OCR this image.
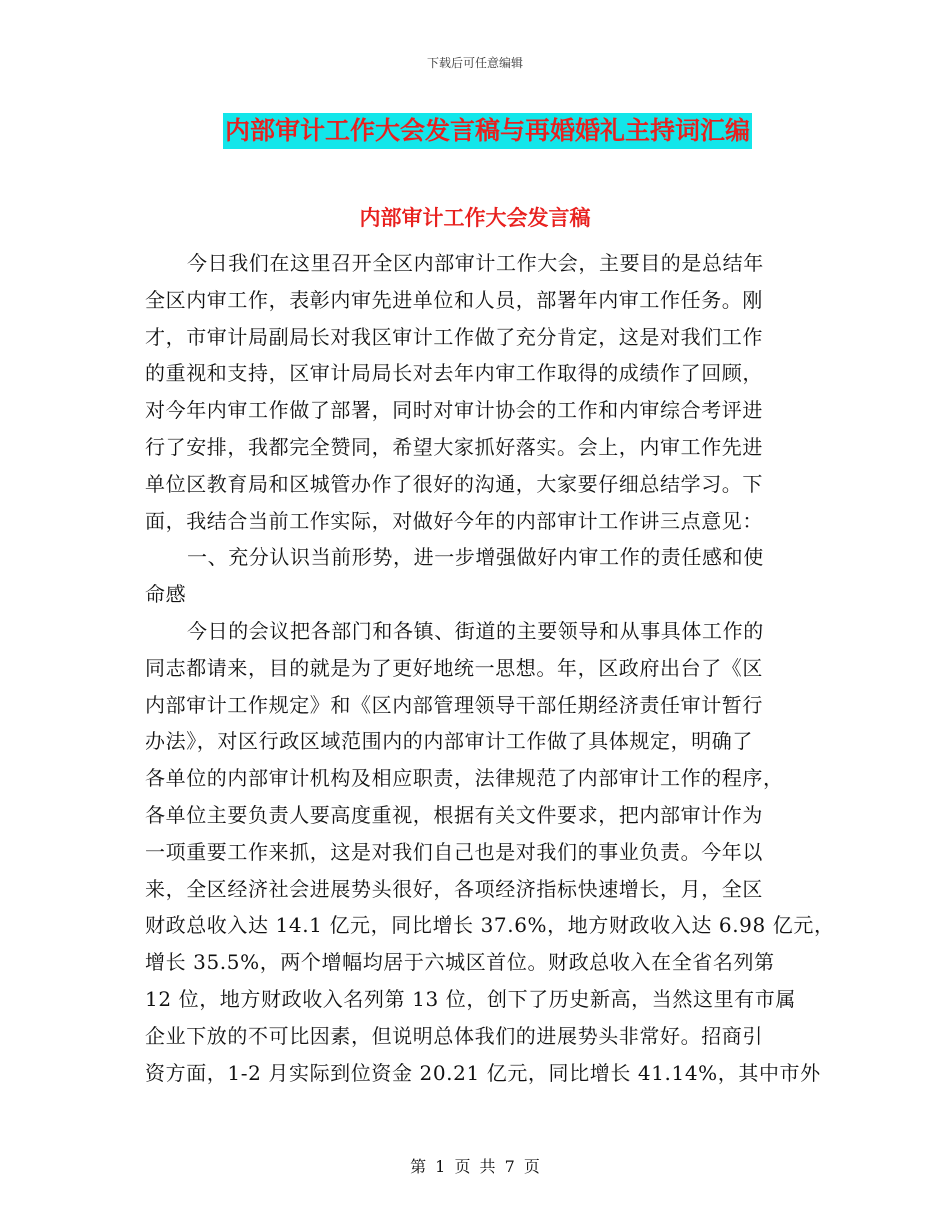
下载后可任意编辑
内部审计工作大会发言稿与再婚婚礼主持词汇编
内部审计工作大会发言稿
今日我们在这里召开全区内部审计工作大会，主要目的是总结年
全区内审工作，表彰内审先进单位和人员，部署年内审工作任务。刚
才，市审计局副局长对我区审计工作做了充分肯定，这是对我们工作
的重视和支持，区审计局局长对去年内审工作取得的成绩作了回顾，
对今年内审工作做了部署，同时对审计协会的工作和内审综合考评进
行了安排，我都完全赞同，希望大家抓好落实。会上，内审工作先进
单位区教育局和区城管办作了很好的沟通，大家要仔细总结学习。下
面，我结合当前工作实际，对做好今年的内部审计工作讲三点意见：
一、充分认识当前形势，进一步增强做好内审工作的责任感和使
命感
今日的会议把各部门和各镇、街道的主要领导和从事具体工作的
同志都请来，目的就是为了更好地统一思想。年，区政府出台了《区
内部审计工作规定》和《区内部管理领导干部任期经济责任审计暂行
办法》，对区行政区域范围内的内部审计工作做了具体规定，明确了
各单位的内部审计机构及相应职责，法律规范了内部审计工作的程序，
各单位主要负责人要高度重视，根据有关文件要求，把内部审计作为
一项重要工作来抓，这是对我们自己也是对我们的事业负责。今年以
来，全区经济社会进展势头很好，各项经济指标快速增长，月，全区
财政总收入达 14.1 亿元，同比增长 37.6%，地方财政收入达 6.98 亿元，
增长 35.5%，两个增幅均居于六城区首位。财政总收入在全省名列第
12 位，地方财政收入名列第 13 位，创下了历史新高，当然这里有市属
企业下放的不可比因素，但说明总体我们的进展势头非常好。招商引
资方面，1-2 月实际到位资金 20.21 亿元，同比增长 41.14%，其中市外
第 1 页 共 7 页
